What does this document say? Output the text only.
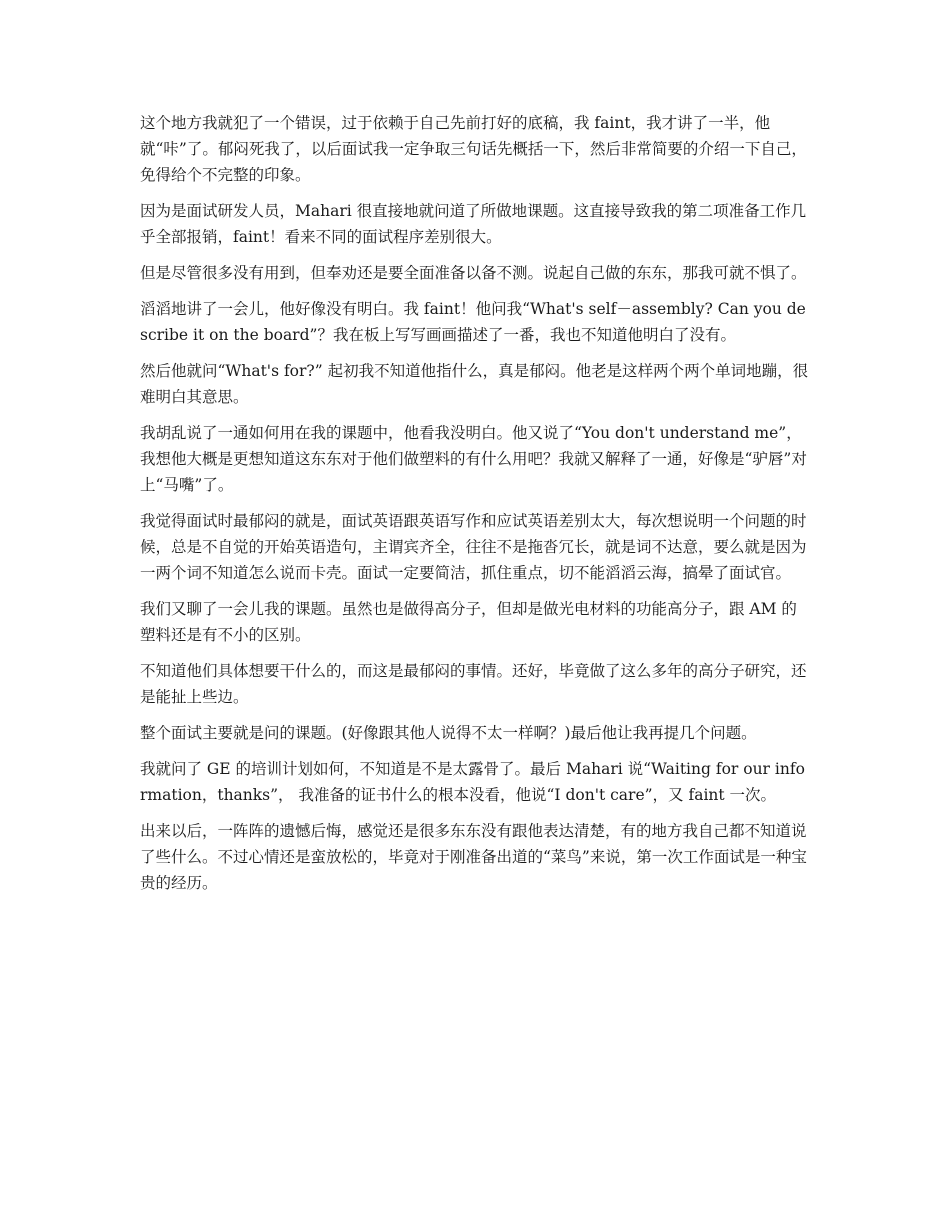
这个地方我就犯了一个错误，过于依赖于自己先前打好的底稿，我 faint，我才讲了一半，他就“咔”了。郁闷死我了，以后面试我一定争取三句话先概括一下，然后非常简要的介绍一下自己，免得给个不完整的印象。

因为是面试研发人员，Mahari 很直接地就问道了所做地课题。这直接导致我的第二项准备工作几乎全部报销，faint！看来不同的面试程序差别很大。

但是尽管很多没有用到，但奉劝还是要全面准备以备不测。说起自己做的东东，那我可就不惧了。

滔滔地讲了一会儿，他好像没有明白。我 faint！他问我“What's self－assembly? Can you describe it on the board”？我在板上写写画画描述了一番，我也不知道他明白了没有。

然后他就问“What's for?” 起初我不知道他指什么，真是郁闷。他老是这样两个两个单词地蹦，很难明白其意思。

我胡乱说了一通如何用在我的课题中，他看我没明白。他又说了“You don't understand me”， 我想他大概是更想知道这东东对于他们做塑料的有什么用吧？我就又解释了一通，好像是“驴唇”对上“马嘴”了。

我觉得面试时最郁闷的就是，面试英语跟英语写作和应试英语差别太大，每次想说明一个问题的时候，总是不自觉的开始英语造句，主谓宾齐全，往往不是拖沓冗长，就是词不达意，要么就是因为一两个词不知道怎么说而卡壳。面试一定要简洁，抓住重点，切不能滔滔云海，搞晕了面试官。

我们又聊了一会儿我的课题。虽然也是做得高分子，但却是做光电材料的功能高分子，跟 AM 的塑料还是有不小的区别。

不知道他们具体想要干什么的，而这是最郁闷的事情。还好，毕竟做了这么多年的高分子研究，还是能扯上些边。

整个面试主要就是问的课题。(好像跟其他人说得不太一样啊？)最后他让我再提几个问题。

我就问了 GE 的培训计划如何，不知道是不是太露骨了。最后 Mahari 说“Waiting for our information，thanks”， 我准备的证书什么的根本没看，他说“I don't care”，又 faint 一次。

出来以后，一阵阵的遗憾后悔，感觉还是很多东东没有跟他表达清楚，有的地方我自己都不知道说了些什么。不过心情还是蛮放松的，毕竟对于刚准备出道的“菜鸟”来说，第一次工作面试是一种宝贵的经历。
